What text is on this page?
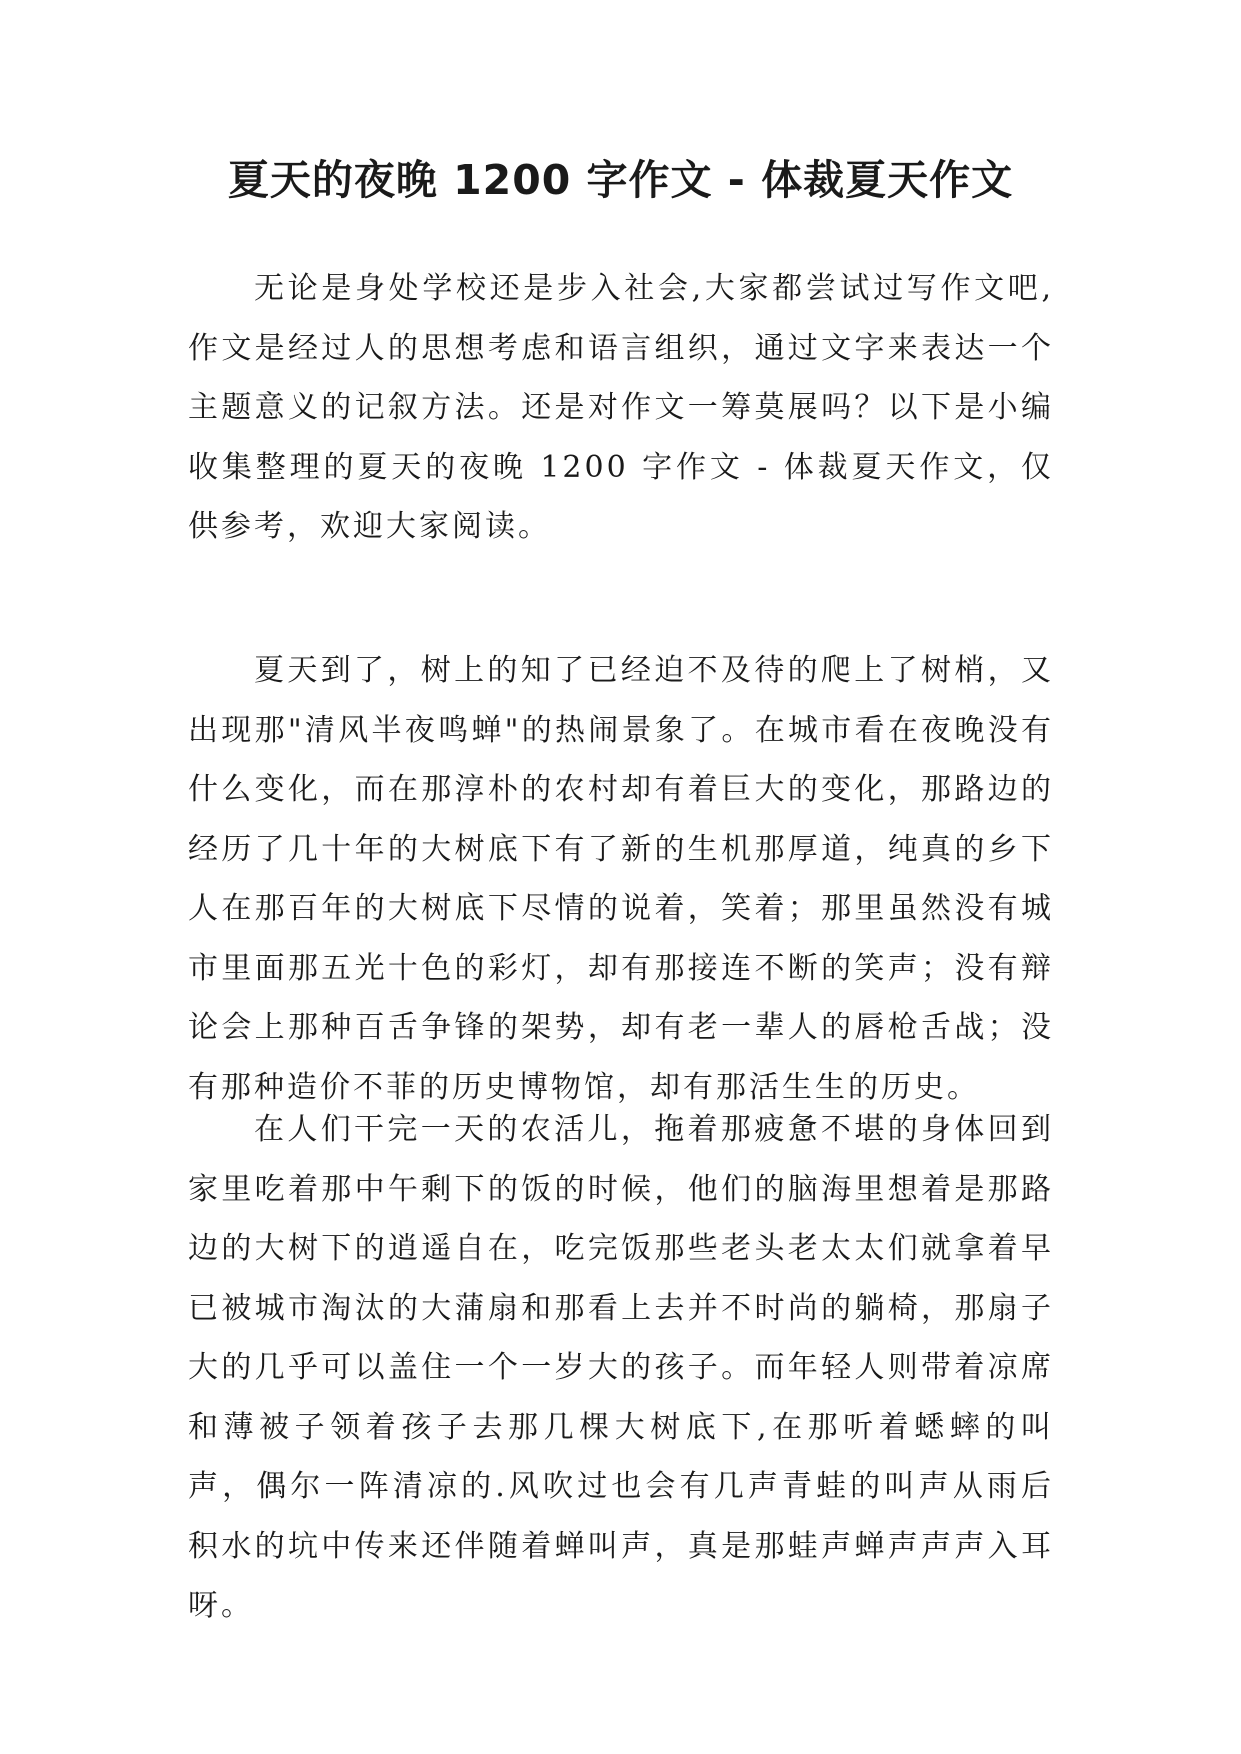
夏天的夜晚 1200 字作文 - 体裁夏天作文

无论是身处学校还是步入社会,大家都尝试过写作文吧,作文是经过人的思想考虑和语言组织，通过文字来表达一个主题意义的记叙方法。还是对作文一筹莫展吗？以下是小编收集整理的夏天的夜晚 1200 字作文 - 体裁夏天作文，仅供参考，欢迎大家阅读。

夏天到了，树上的知了已经迫不及待的爬上了树梢，又出现那"清风半夜鸣蝉"的热闹景象了。在城市看在夜晚没有什么变化，而在那淳朴的农村却有着巨大的变化，那路边的经历了几十年的大树底下有了新的生机那厚道，纯真的乡下人在那百年的大树底下尽情的说着，笑着；那里虽然没有城市里面那五光十色的彩灯，却有那接连不断的笑声；没有辩论会上那种百舌争锋的架势，却有老一辈人的唇枪舌战；没有那种造价不菲的历史博物馆，却有那活生生的历史。

在人们干完一天的农活儿，拖着那疲惫不堪的身体回到家里吃着那中午剩下的饭的时候，他们的脑海里想着是那路边的大树下的逍遥自在，吃完饭那些老头老太太们就拿着早已被城市淘汰的大蒲扇和那看上去并不时尚的躺椅，那扇子大的几乎可以盖住一个一岁大的孩子。而年轻人则带着凉席和薄被子领着孩子去那几棵大树底下,在那听着蟋蟀的叫声，偶尔一阵清凉的.风吹过也会有几声青蛙的叫声从雨后积水的坑中传来还伴随着蝉叫声，真是那蛙声蝉声声声入耳呀。
